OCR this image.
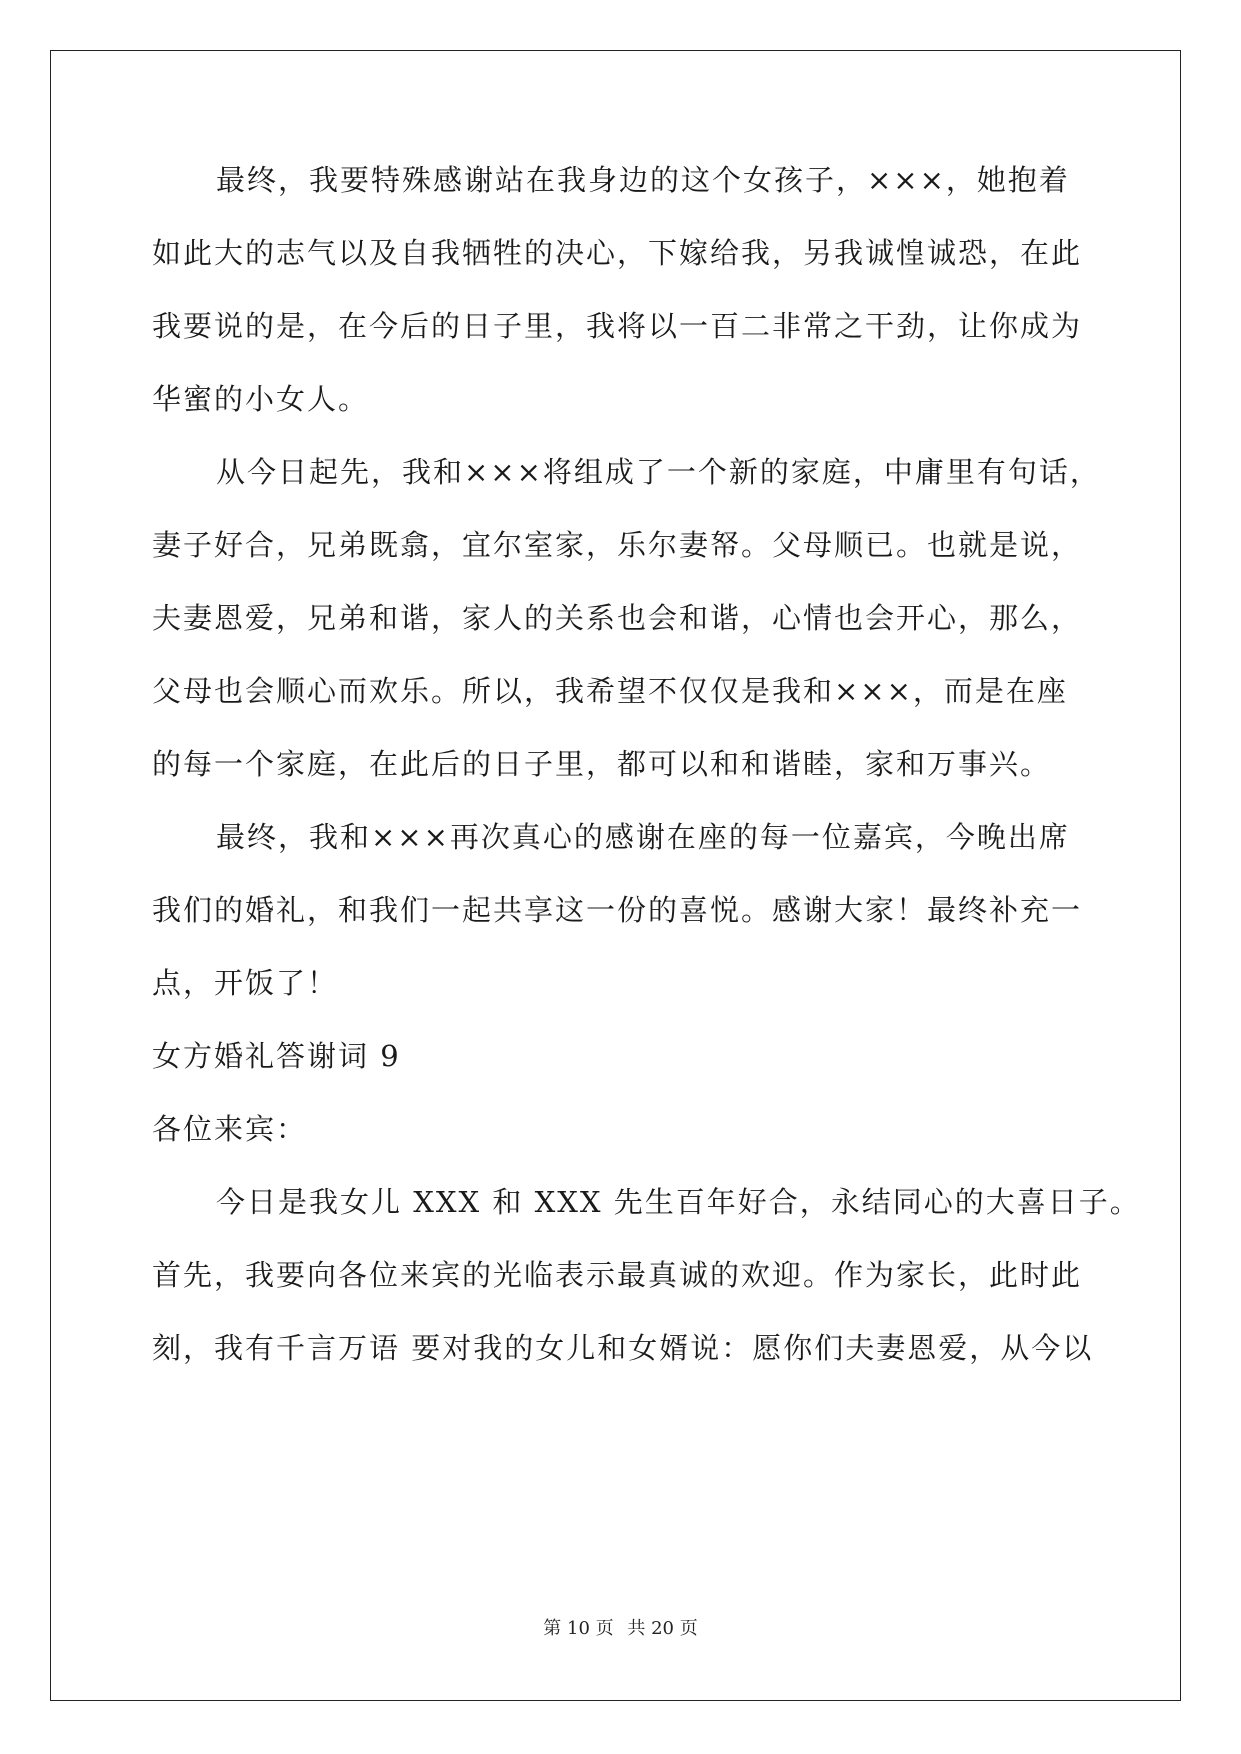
最终，我要特殊感谢站在我身边的这个女孩子，×××，她抱着
如此大的志气以及自我牺牲的决心，下嫁给我，另我诚惶诚恐，在此
我要说的是，在今后的日子里，我将以一百二非常之干劲，让你成为
华蜜的小女人。
从今日起先，我和×××将组成了一个新的家庭，中庸里有句话，
妻子好合，兄弟既翕，宜尔室家，乐尔妻帑。父母顺已。也就是说，
夫妻恩爱，兄弟和谐，家人的关系也会和谐，心情也会开心，那么，
父母也会顺心而欢乐。所以，我希望不仅仅是我和×××，而是在座
的每一个家庭，在此后的日子里，都可以和和谐睦，家和万事兴。
最终，我和×××再次真心的感谢在座的每一位嘉宾，今晚出席
我们的婚礼，和我们一起共享这一份的喜悦。感谢大家！最终补充一
点，开饭了！
女方婚礼答谢词 9
各位来宾：
今日是我女儿 XXX 和 XXX 先生百年好合，永结同心的大喜日子。
首先，我要向各位来宾的光临表示最真诚的欢迎。作为家长，此时此
刻，我有千言万语 要对我的女儿和女婿说：愿你们夫妻恩爱，从今以
第 10 页 共 20 页
